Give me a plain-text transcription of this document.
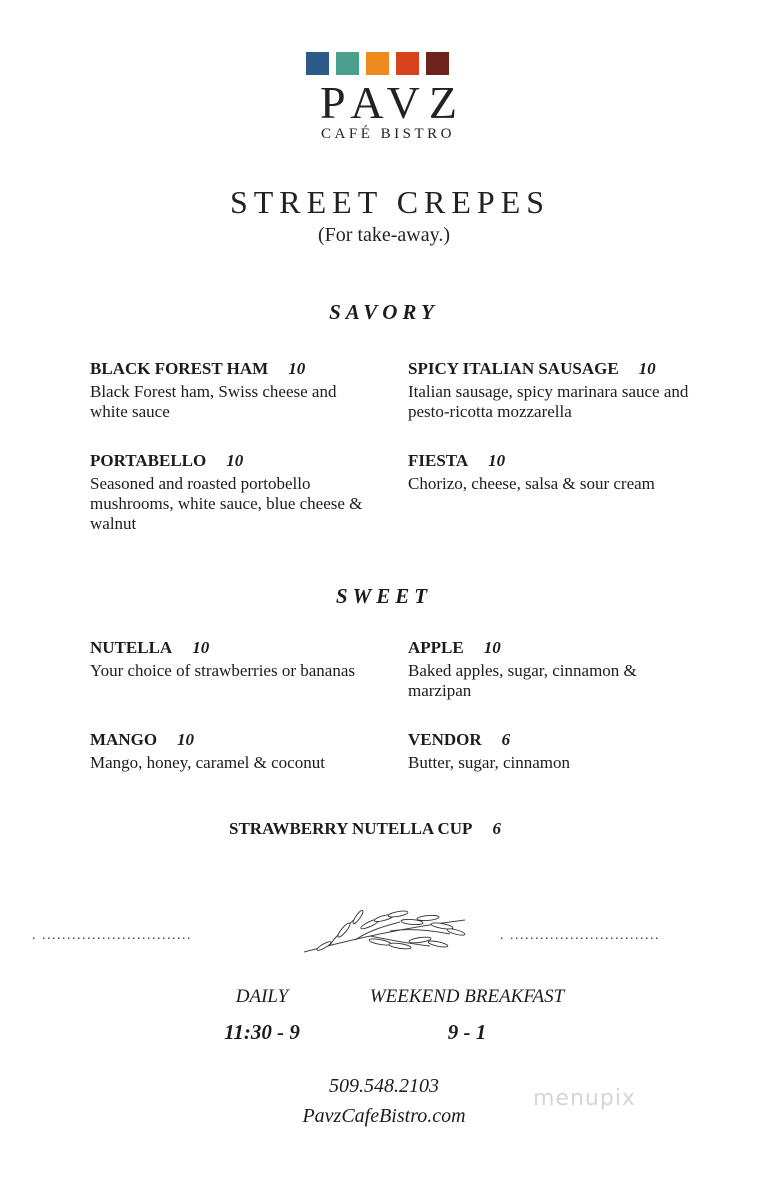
PAVZ
CAFÉ BISTRO
STREET CREPES
(For take-away.)
SAVORY
BLACK FOREST HAM 10
Black Forest ham, Swiss cheese and white sauce
SPICY ITALIAN SAUSAGE 10
Italian sausage, spicy marinara sauce and pesto-ricotta mozzarella
PORTABELLO 10
Seasoned and roasted portobello mushrooms, white sauce, blue cheese & walnut
FIESTA 10
Chorizo, cheese, salsa & sour cream
SWEET
NUTELLA 10
Your choice of strawberries or bananas
APPLE 10
Baked apples, sugar, cinnamon & marzipan
MANGO 10
Mango, honey, caramel & coconut
VENDOR 6
Butter, sugar, cinnamon
STRAWBERRY NUTELLA CUP 6
. ..............................	. ..............................
DAILY
11:30 - 9
WEEKEND BREAKFAST
9 - 1
509.548.2103
PavzCafeBistro.com
menupix
